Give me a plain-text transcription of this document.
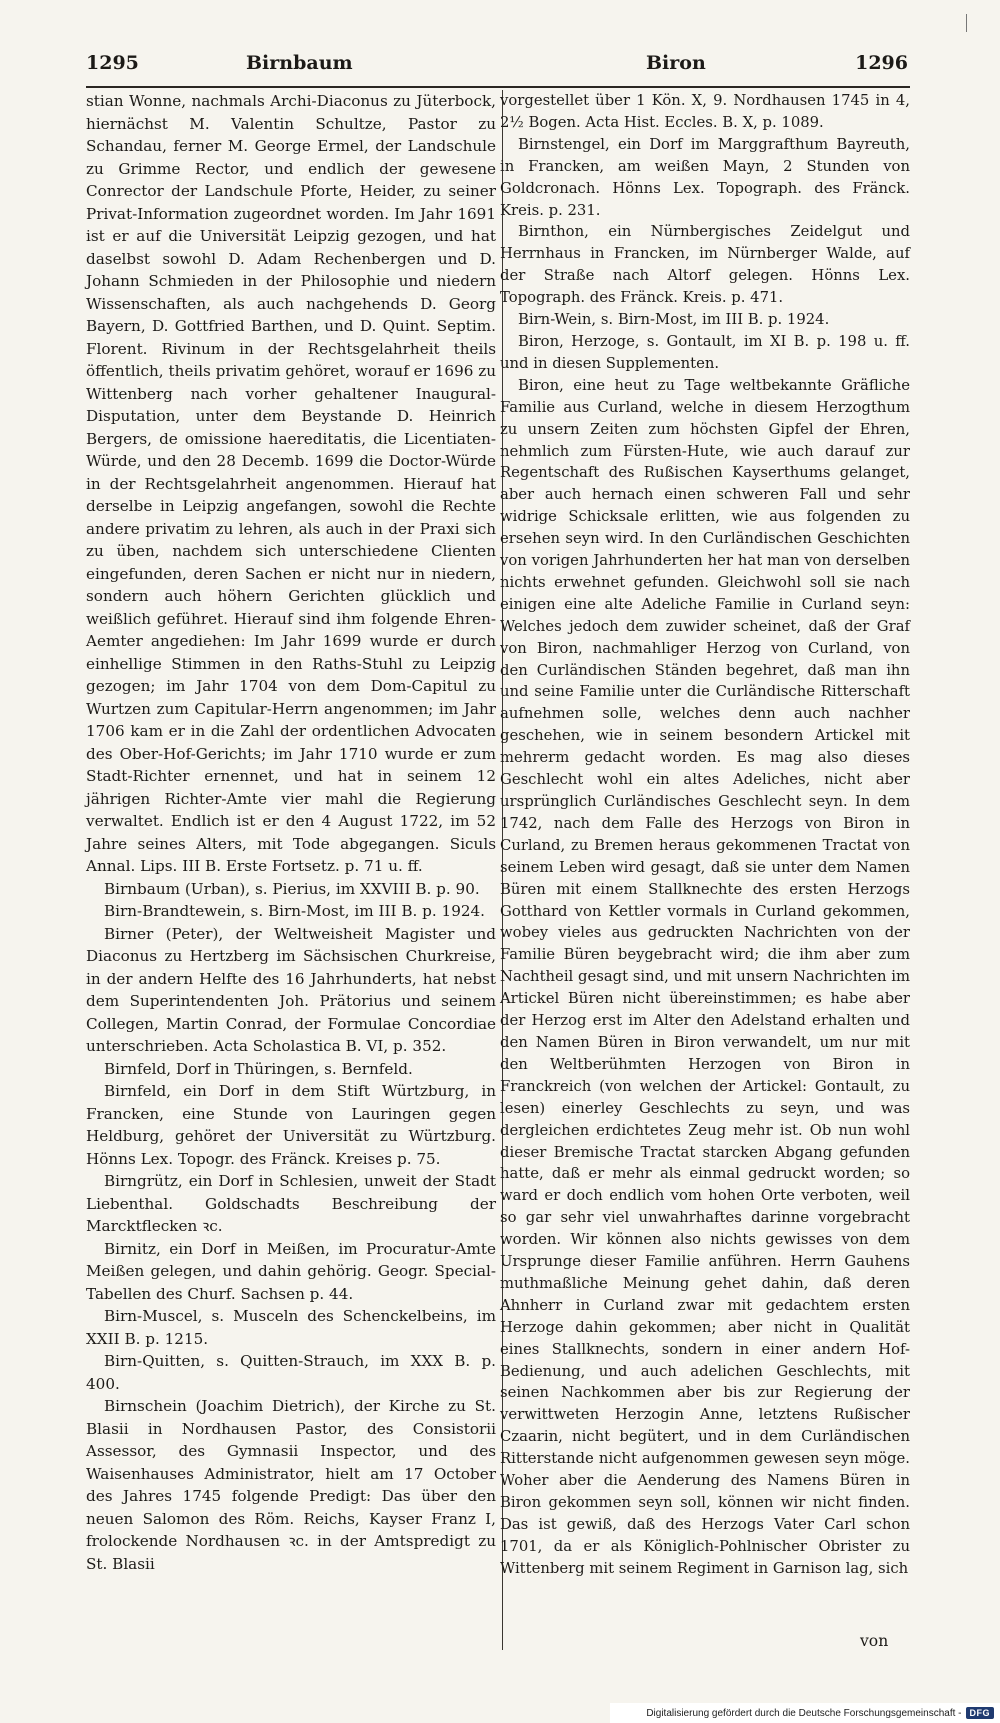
1295	Birnbaum	Biron	1296

stian Wonne, nachmals Archi-Diaconus zu Jüterbock, hiernächst M. Valentin Schultze, Pastor zu Schandau, ferner M. George Ermel, der Landschule zu Grimme Rector, und endlich der gewesene Conrector der Landschule Pforte, Heider, zu seiner Privat-Information zugeordnet worden. Im Jahr 1691 ist er auf die Universität Leipzig gezogen, und hat daselbst sowohl D. Adam Rechenbergen und D. Johann Schmieden in der Philosophie und niedern Wissenschaften, als auch nachgehends D. Georg Bayern, D. Gottfried Barthen, und D. Quint. Septim. Florent. Rivinum in der Rechtsgelahrheit theils öffentlich, theils privatim gehöret, worauf er 1696 zu Wittenberg nach vorher gehaltener Inaugural-Disputation, unter dem Beystande D. Heinrich Bergers, de omissione haereditatis, die Licentiaten-Würde, und den 28 Decemb. 1699 die Doctor-Würde in der Rechtsgelahrheit angenommen. Hierauf hat derselbe in Leipzig angefangen, sowohl die Rechte andere privatim zu lehren, als auch in der Praxi sich zu üben, nachdem sich unterschiedene Clienten eingefunden, deren Sachen er nicht nur in niedern, sondern auch höhern Gerichten glücklich und weißlich geführet. Hierauf sind ihm folgende Ehren-Aemter angediehen: Im Jahr 1699 wurde er durch einhellige Stimmen in den Raths-Stuhl zu Leipzig gezogen; im Jahr 1704 von dem Dom-Capitul zu Wurtzen zum Capitular-Herrn angenommen; im Jahr 1706 kam er in die Zahl der ordentlichen Advocaten des Ober-Hof-Gerichts; im Jahr 1710 wurde er zum Stadt-Richter ernennet, und hat in seinem 12 jährigen Richter-Amte vier mahl die Regierung verwaltet. Endlich ist er den 4 August 1722, im 52 Jahre seines Alters, mit Tode abgegangen. Siculs Annal. Lips. III B. Erste Fortsetz. p. 71 u. ff.

Birnbaum (Urban), s. Pierius, im XXVIII B. p. 90.

Birn-Brandtewein, s. Birn-Most, im III B. p. 1924.

Birner (Peter), der Weltweisheit Magister und Diaconus zu Hertzberg im Sächsischen Churkreise, in der andern Helfte des 16 Jahrhunderts, hat nebst dem Superintendenten Joh. Prätorius und seinem Collegen, Martin Conrad, der Formulae Concordiae unterschrieben. Acta Scholastica B. VI, p. 352.

Birnfeld, Dorf in Thüringen, s. Bernfeld.

Birnfeld, ein Dorf in dem Stift Würtzburg, in Francken, eine Stunde von Lauringen gegen Heldburg, gehöret der Universität zu Würtzburg. Hönns Lex. Topogr. des Fränck. Kreises p. 75.

Birngrütz, ein Dorf in Schlesien, unweit der Stadt Liebenthal. Goldschadts Beschreibung der Marcktflecken ꝛc.

Birnitz, ein Dorf in Meißen, im Procuratur-Amte Meißen gelegen, und dahin gehörig. Geogr. Special-Tabellen des Churf. Sachsen p. 44.

Birn-Muscel, s. Musceln des Schenckelbeins, im XXII B. p. 1215.

Birn-Quitten, s. Quitten-Strauch, im XXX B. p. 400.

Birnschein (Joachim Dietrich), der Kirche zu St. Blasii in Nordhausen Pastor, des Consistorii Assessor, des Gymnasii Inspector, und des Waisenhauses Administrator, hielt am 17 October des Jahres 1745 folgende Predigt: Das über den neuen Salomon des Röm. Reichs, Kayser Franz I, frolockende Nordhausen ꝛc. in der Amtspredigt zu St. Blasii

vorgestellet über 1 Kön. X, 9. Nordhausen 1745 in 4, 2½ Bogen. Acta Hist. Eccles. B. X, p. 1089.

Birnstengel, ein Dorf im Marggrafthum Bayreuth, in Francken, am weißen Mayn, 2 Stunden von Goldcronach. Hönns Lex. Topograph. des Fränck. Kreis. p. 231.

Birnthon, ein Nürnbergisches Zeidelgut und Herrnhaus in Francken, im Nürnberger Walde, auf der Straße nach Altorf gelegen. Hönns Lex. Topograph. des Fränck. Kreis. p. 471.

Birn-Wein, s. Birn-Most, im III B. p. 1924.

Biron, Herzoge, s. Gontault, im XI B. p. 198 u. ff. und in diesen Supplementen.

Biron, eine heut zu Tage weltbekannte Gräfliche Familie aus Curland, welche in diesem Herzogthum zu unsern Zeiten zum höchsten Gipfel der Ehren, nehmlich zum Fürsten-Hute, wie auch darauf zur Regentschaft des Rußischen Kayserthums gelanget, aber auch hernach einen schweren Fall und sehr widrige Schicksale erlitten, wie aus folgenden zu ersehen seyn wird. In den Curländischen Geschichten von vorigen Jahrhunderten her hat man von derselben nichts erwehnet gefunden. Gleichwohl soll sie nach einigen eine alte Adeliche Familie in Curland seyn: Welches jedoch dem zuwider scheinet, daß der Graf von Biron, nachmahliger Herzog von Curland, von den Curländischen Ständen begehret, daß man ihn und seine Familie unter die Curländische Ritterschaft aufnehmen solle, welches denn auch nachher geschehen, wie in seinem besondern Artickel mit mehrerm gedacht worden. Es mag also dieses Geschlecht wohl ein altes Adeliches, nicht aber ursprünglich Curländisches Geschlecht seyn. In dem 1742, nach dem Falle des Herzogs von Biron in Curland, zu Bremen heraus gekommenen Tractat von seinem Leben wird gesagt, daß sie unter dem Namen Büren mit einem Stallknechte des ersten Herzogs Gotthard von Kettler vormals in Curland gekommen, wobey vieles aus gedruckten Nachrichten von der Familie Büren beygebracht wird; die ihm aber zum Nachtheil gesagt sind, und mit unsern Nachrichten im Artickel Büren nicht übereinstimmen; es habe aber der Herzog erst im Alter den Adelstand erhalten und den Namen Büren in Biron verwandelt, um nur mit den Weltberühmten Herzogen von Biron in Franckreich (von welchen der Artickel: Gontault, zu lesen) einerley Geschlechts zu seyn, und was dergleichen erdichtetes Zeug mehr ist. Ob nun wohl dieser Bremische Tractat starcken Abgang gefunden hatte, daß er mehr als einmal gedruckt worden; so ward er doch endlich vom hohen Orte verboten, weil so gar sehr viel unwahrhaftes darinne vorgebracht worden. Wir können also nichts gewisses von dem Ursprunge dieser Familie anführen. Herrn Gauhens muthmaßliche Meinung gehet dahin, daß deren Ahnherr in Curland zwar mit gedachtem ersten Herzoge dahin gekommen; aber nicht in Qualität eines Stallknechts, sondern in einer andern Hof-Bedienung, und auch adelichen Geschlechts, mit seinen Nachkommen aber bis zur Regierung der verwittweten Herzogin Anne, letztens Rußischer Czaarin, nicht begütert, und in dem Curländischen Ritterstande nicht aufgenommen gewesen seyn möge. Woher aber die Aenderung des Namens Büren in Biron gekommen seyn soll, können wir nicht finden. Das ist gewiß, daß des Herzogs Vater Carl schon 1701, da er als Königlich-Pohlnischer Obrister zu Wittenberg mit seinem Regiment in Garnison lag, sich

von
Digitalisierung gefördert durch die Deutsche Forschungsgemeinschaft - DFG
